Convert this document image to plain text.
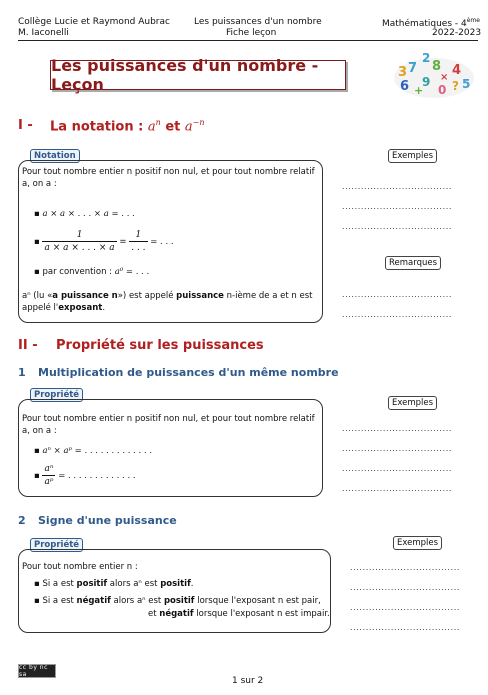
Collège Lucie et Raymond Aubrac
M. Iaconelli
Les puissances d'un nombre
Fiche leçon
Mathématiques - 4ème
2022-2023
Les puissances d'un nombre - Leçon
3 7
2
8 4
6 9
0 ? 5
+
×
I - La notation : $a^n$ et $a^{-n}$
Notation
Pour tout nombre entier n positif non nul, et pour tout nombre relatif a, on a :
▪ a × a × . . . × a = . . .
▪ $\frac{1}{a \times a \times . . . \times a} = \frac{1}{. . .}$ = . . .
▪ par convention : a⁰ = . . .
aⁿ (lu «a puissance n») est appelé puissance n-ième de a et n est appelé l'exposant.
Exemples
...................................
...................................
...................................
Remarques
...................................
...................................
II - Propriété sur les puissances
1 Multiplication de puissances d'un même nombre
Propriété
Pour tout nombre entier n positif non nul, et pour tout nombre relatif a, on a :
▪ aⁿ × aᵖ = . . . . . . . . . . . . .
▪ $\frac{\text{aⁿ}}{\text{aᵖ}}$ = . . . . . . . . . . . . .
Exemples
...................................
...................................
...................................
...................................
2 Signe d'une puissance
Propriété
Pour tout nombre entier n :
▪ Si a est positif alors aⁿ est positif.
▪ Si a est négatif alors aⁿ est positif lorsque l'exposant n est pair,
et négatif lorsque l'exposant n est impair.
Exemples
...................................
...................................
...................................
...................................
cc by nc sa
1 sur 2
